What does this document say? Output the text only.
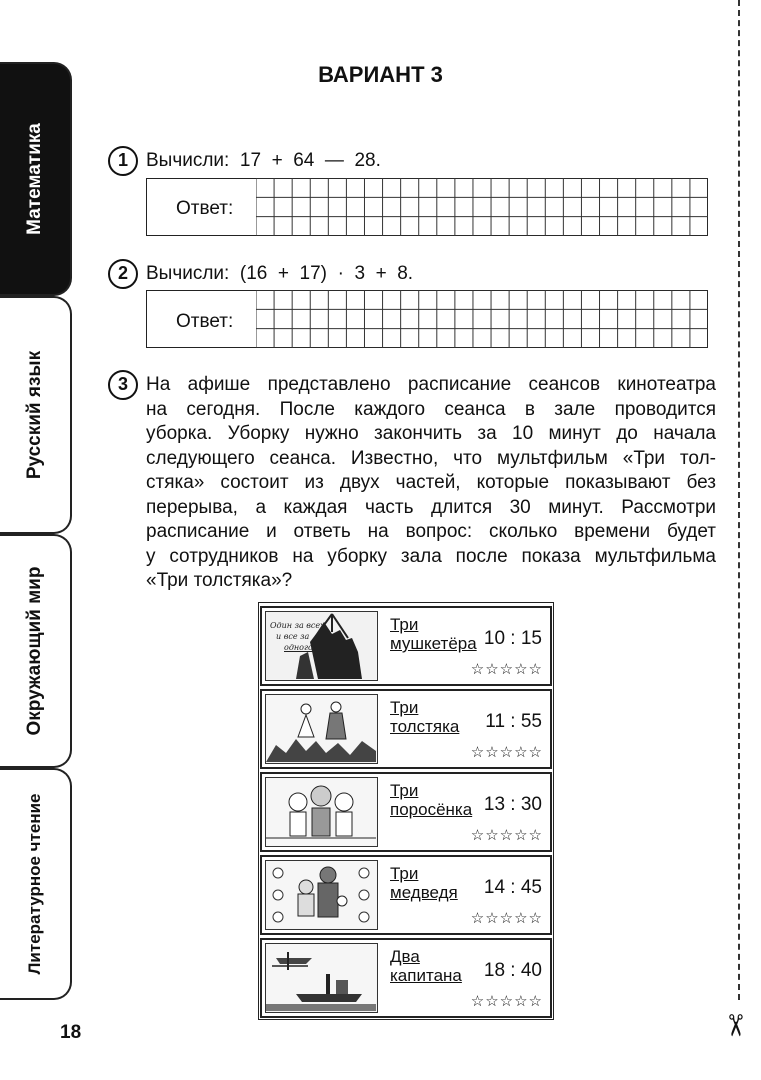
Математика
Русский язык
Окружающий мир
Литературное чтение
ВАРИАНТ 3
1 Вычисли:  17  +  64  —  28.
Ответ:
2 Вычисли:  (16  +  17)  ·  3  +  8.
Ответ:
3 На афише представлено расписание сеансов кинотеатра
на сегодня. После каждого сеанса в зале проводится
уборка. Уборку нужно закончить за 10 минут до начала
следующего сеанса. Известно, что мультфильм «Три тол-
стяка» состоит из двух частей, которые показывают без
перерыва, а каждая часть длится 30 минут. Рассмотри
расписание и ответь на вопрос: сколько времени будет
у сотрудников на уборку зала после показа мультфильма
«Три толстяка»?
Один за всех
и все за
одного!
Три
мушкетёра 10 : 15
☆☆☆☆☆
Три
толстяка 11 : 55
☆☆☆☆☆
Три
поросёнка 13 : 30
☆☆☆☆☆
Три
медведя 14 : 45
☆☆☆☆☆
Два
капитана 18 : 40
☆☆☆☆☆
✂
18
